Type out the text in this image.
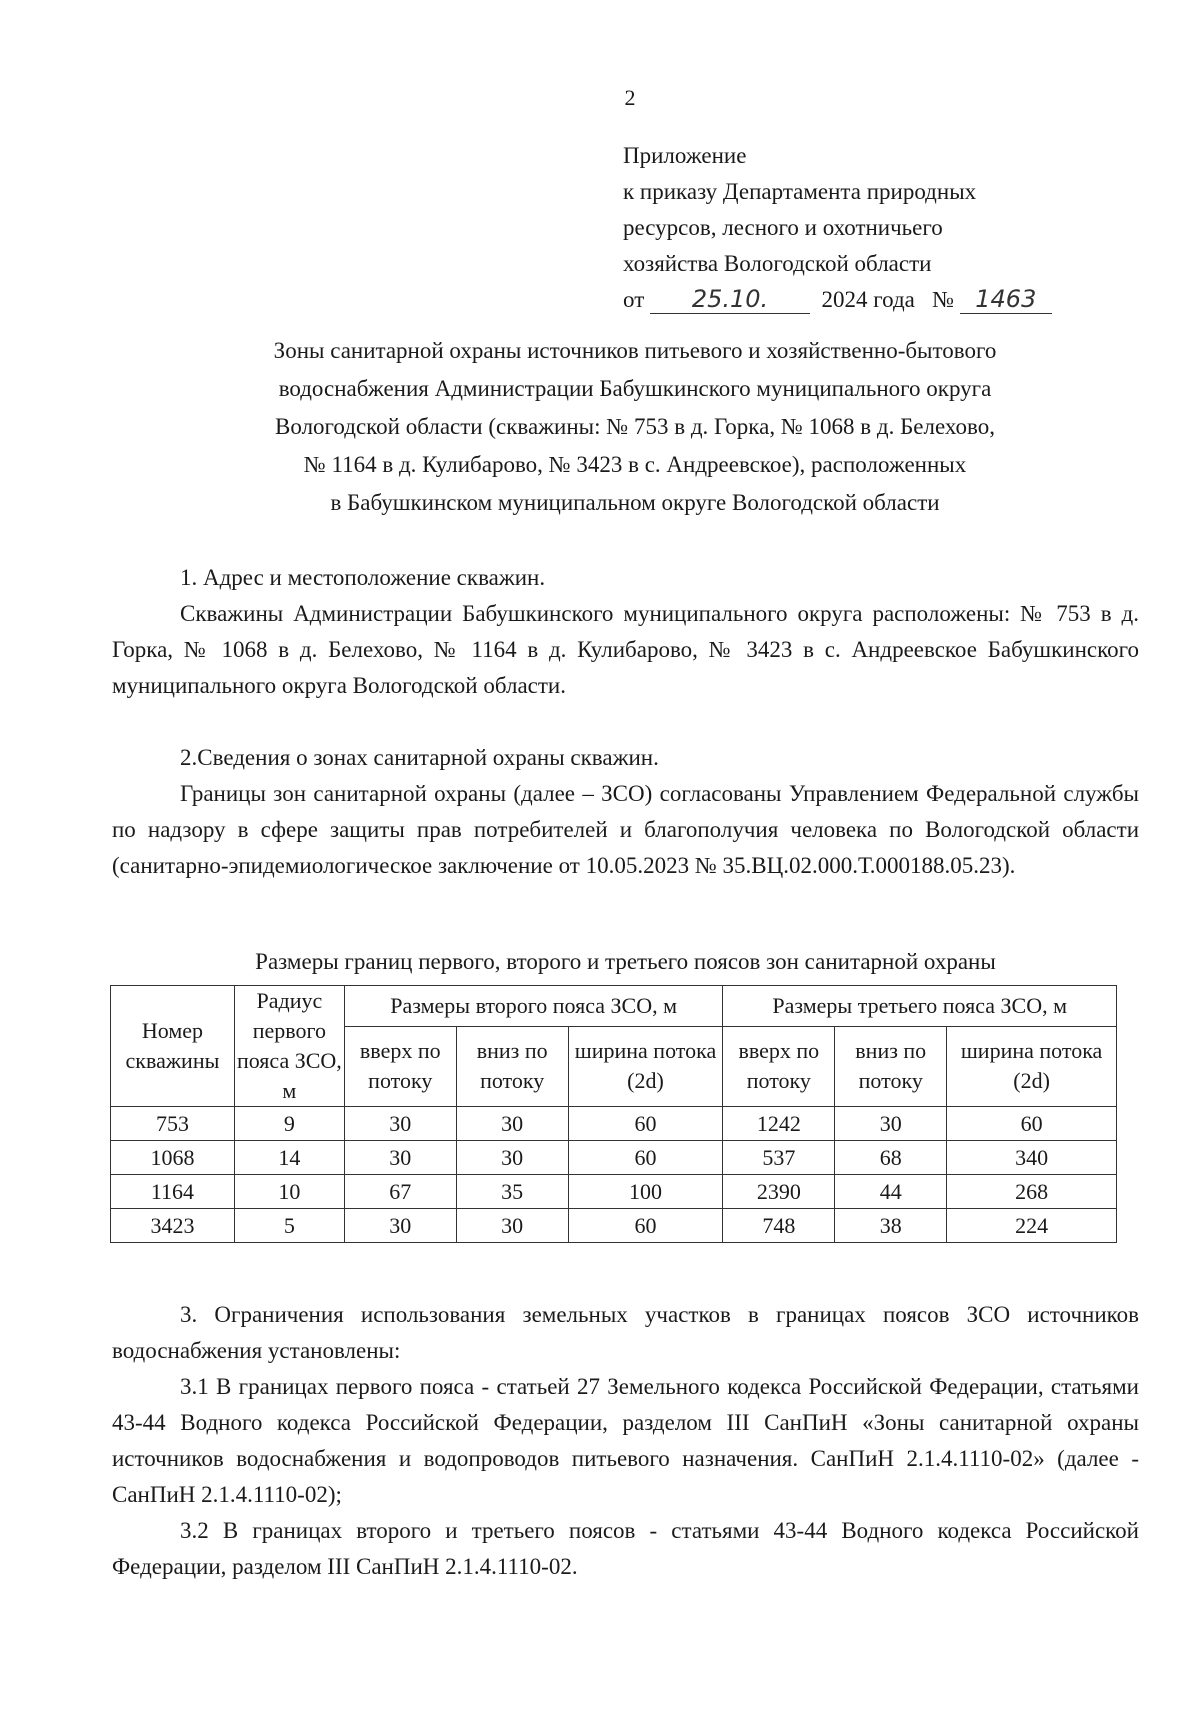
2
Приложение
к приказу Департамента природных
ресурсов, лесного и охотничьего
хозяйства Вологодской области
от 25.10. 2024 года № 1463
Зоны санитарной охраны источников питьевого и хозяйственно-бытового
водоснабжения Администрации Бабушкинского муниципального округа
Вологодской области (скважины: № 753 в д. Горка, № 1068 в д. Белехово,
№ 1164 в д. Кулибарово, № 3423 в с. Андреевское), расположенных
в Бабушкинском муниципальном округе Вологодской области

1. Адрес и местоположение скважин.

Скважины Администрации Бабушкинского муниципального округа расположены: № 753 в д. Горка, № 1068 в д. Белехово, № 1164 в д. Кулибарово, № 3423 в с. Андреевское Бабушкинского муниципального округа Вологодской области.

2.Сведения о зонах санитарной охраны скважин.

Границы зон санитарной охраны (далее – ЗСО) согласованы Управлением Федеральной службы по надзору в сфере защиты прав потребителей и благополучия человека по Вологодской области (санитарно-эпидемиологическое заключение от 10.05.2023 № 35.ВЦ.02.000.Т.000188.05.23).

Размеры границ первого, второго и третьего поясов зон санитарной охраны
Номер скважины	Радиус первого пояса ЗСО, м	Размеры второго пояса ЗСО, м			Размеры третьего пояса ЗСО, м		
		вверх по потоку	вниз по потоку	ширина потока (2d)	вверх по потоку	вниз по потоку	ширина потока (2d)
753	9	30	30	60	1242	30	60
1068	14	30	30	60	537	68	340
1164	10	67	35	100	2390	44	268
3423	5	30	30	60	748	38	224

3. Ограничения использования земельных участков в границах поясов ЗСО источников водоснабжения установлены:

3.1 В границах первого пояса - статьей 27 Земельного кодекса Российской Федерации, статьями 43-44 Водного кодекса Российской Федерации, разделом III СанПиН «Зоны санитарной охраны источников водоснабжения и водопроводов питьевого назначения. СанПиН 2.1.4.1110-02» (далее - СанПиН 2.1.4.1110-02);

3.2 В границах второго и третьего поясов - статьями 43-44 Водного кодекса Российской Федерации, разделом III СанПиН 2.1.4.1110-02.
